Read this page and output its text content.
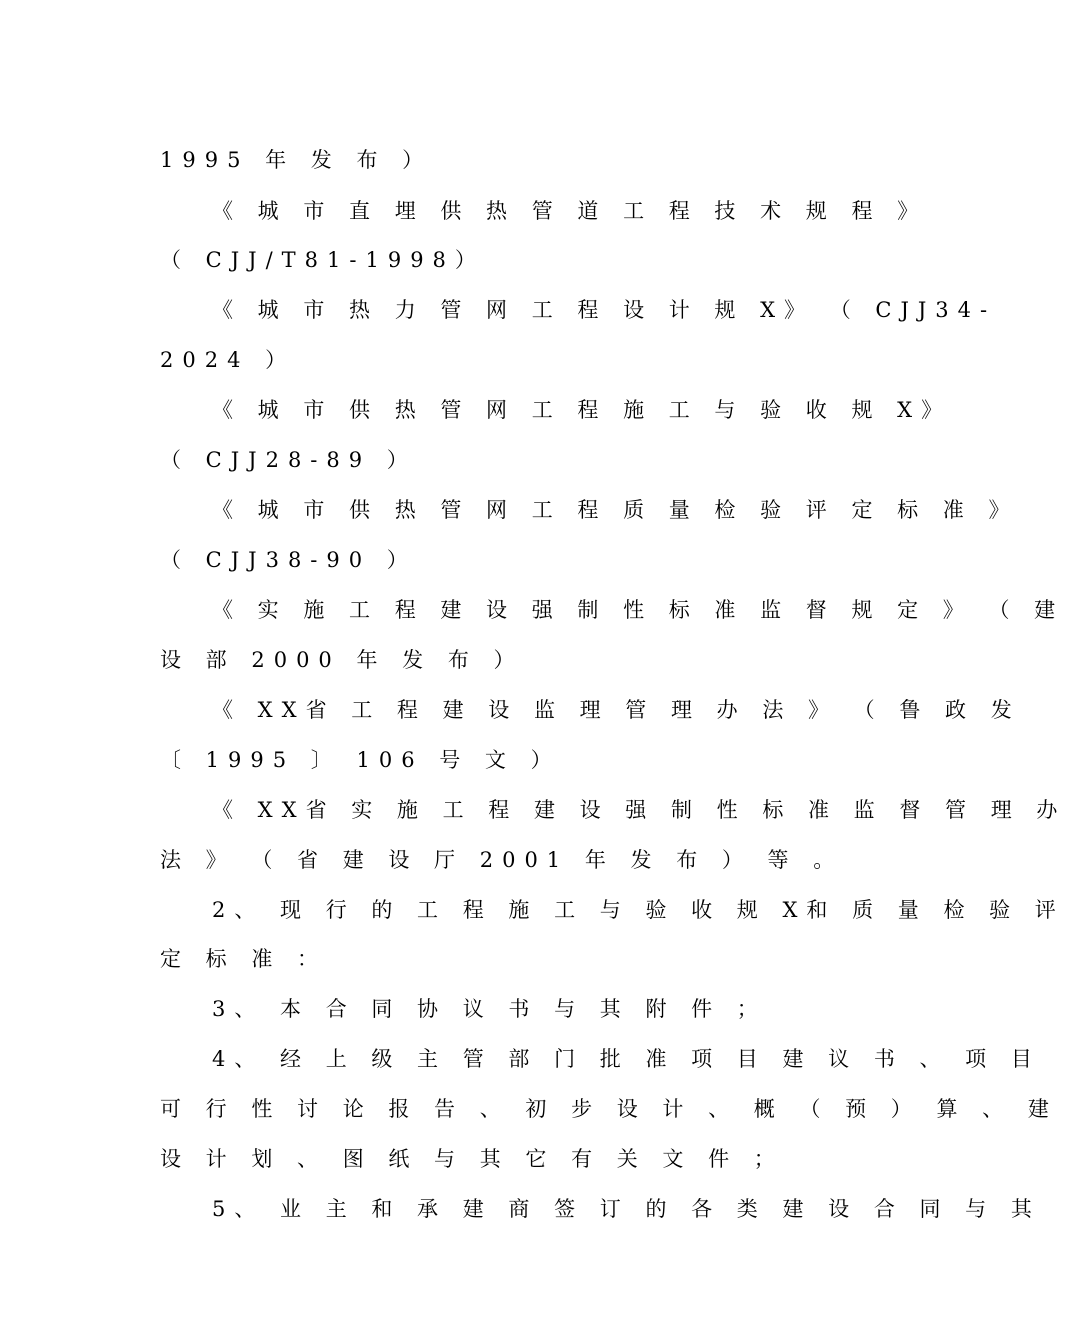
1995 年 发 布 ）
《 城 市 直 埋 供 热 管 道 工 程 技 术 规 程 》
（ CJJ/T81-1998）
《 城 市 热 力 管 网 工 程 设 计 规 X》 （ CJJ34-
2024 ）
《 城 市 供 热 管 网 工 程 施 工 与 验 收 规 X》
（ CJJ28-89 ）
《 城 市 供 热 管 网 工 程 质 量 检 验 评 定 标 准 》
（ CJJ38-90 ）
《 实 施 工 程 建 设 强 制 性 标 准 监 督 规 定 》 （ 建
设 部 2000 年 发 布 ）
《 XX省 工 程 建 设 监 理 管 理 办 法 》 （ 鲁 政 发
〔 1995 〕 106 号 文 ）
《 XX省 实 施 工 程 建 设 强 制 性 标 准 监 督 管 理 办
法 》 （ 省 建 设 厅 2001 年 发 布 ） 等 。
2、 现 行 的 工 程 施 工 与 验 收 规 X和 质 量 检 验 评
定 标 准 ：
3、 本 合 同 协 议 书 与 其 附 件 ；
4、 经 上 级 主 管 部 门 批 准 项 目 建 议 书 、 项 目
可 行 性 讨 论 报 告 、 初 步 设 计 、 概 （ 预 ） 算 、 建
设 计 划 、 图 纸 与 其 它 有 关 文 件 ；
5、 业 主 和 承 建 商 签 订 的 各 类 建 设 合 同 与 其
